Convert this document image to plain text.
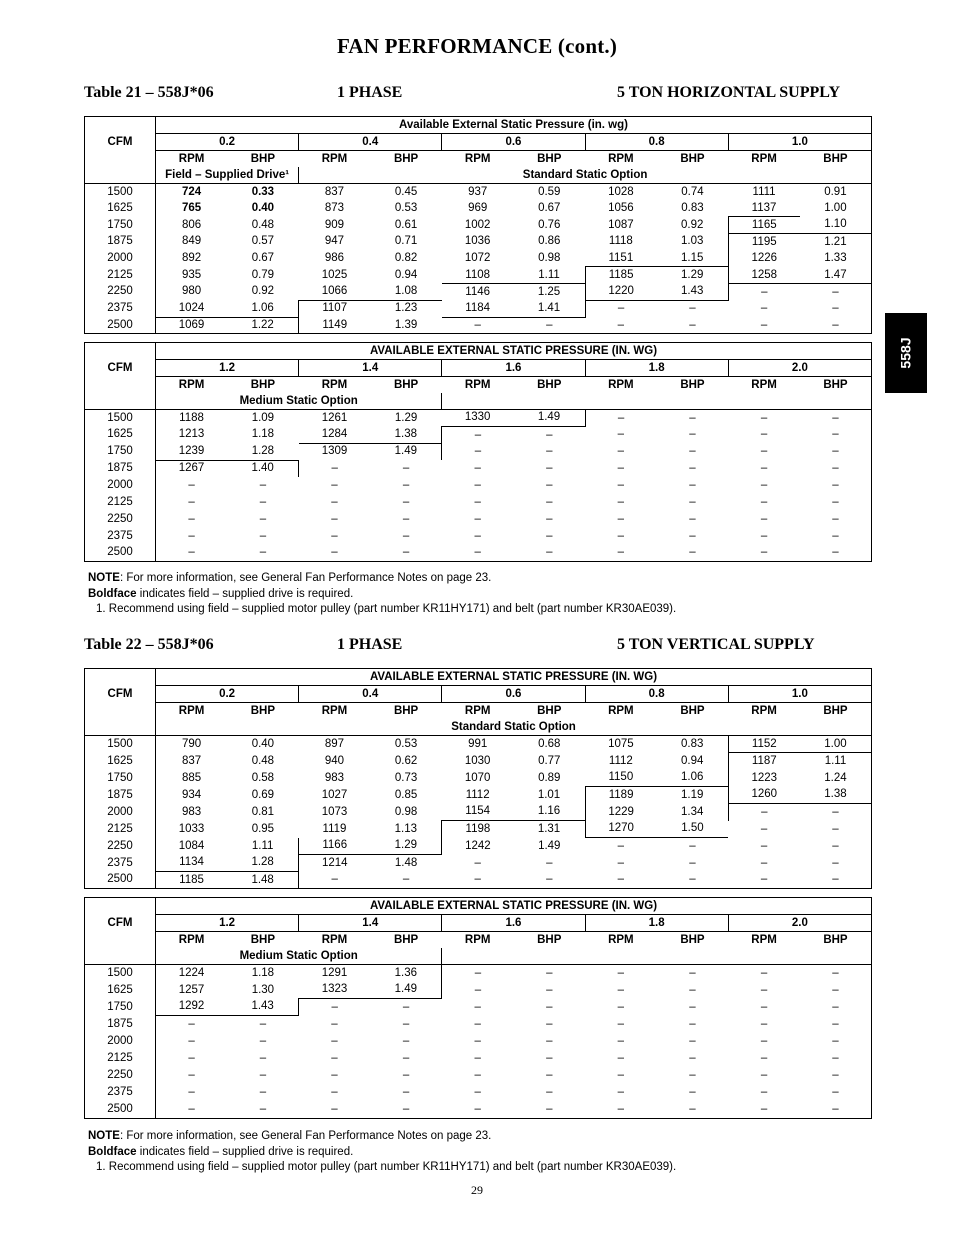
FAN PERFORMANCE (cont.)
558J
Table 21 – 558J*06	1 PHASE	5 TON HORIZONTAL SUPPLY
CFM	Available External Static Pressure (in. wg)									
	0.2		0.4		0.6		0.8		1.0	
	RPM	BHP	RPM	BHP	RPM	BHP	RPM	BHP	RPM	BHP
	Field – Supplied Drive¹		Standard Static Option							
1500	724	0.33	837	0.45	937	0.59	1028	0.74	1111	0.91
1625	765	0.40	873	0.53	969	0.67	1056	0.83	1137	1.00
1750	806	0.48	909	0.61	1002	0.76	1087	0.92	1165	1.10
1875	849	0.57	947	0.71	1036	0.86	1118	1.03	1195	1.21
2000	892	0.67	986	0.82	1072	0.98	1151	1.15	1226	1.33
2125	935	0.79	1025	0.94	1108	1.11	1185	1.29	1258	1.47
2250	980	0.92	1066	1.08	1146	1.25	1220	1.43	–	–
2375	1024	1.06	1107	1.23	1184	1.41	–	–	–	–
2500	1069	1.22	1149	1.39	–	–	–	–	–	–
CFM	AVAILABLE EXTERNAL STATIC PRESSURE (IN. WG)									
	1.2		1.4		1.6		1.8		2.0	
	RPM	BHP	RPM	BHP	RPM	BHP	RPM	BHP	RPM	BHP
	Medium Static Option									
1500	1188	1.09	1261	1.29	1330	1.49	–	–	–	–
1625	1213	1.18	1284	1.38	–	–	–	–	–	–
1750	1239	1.28	1309	1.49	–	–	–	–	–	–
1875	1267	1.40	–	–	–	–	–	–	–	–
2000	–	–	–	–	–	–	–	–	–	–
2125	–	–	–	–	–	–	–	–	–	–
2250	–	–	–	–	–	–	–	–	–	–
2375	–	–	–	–	–	–	–	–	–	–
2500	–	–	–	–	–	–	–	–	–	–
NOTE: For more information, see General Fan Performance Notes on page 23.
Boldface indicates field – supplied drive is required.
1. Recommend using field – supplied motor pulley (part number KR11HY171) and belt (part number KR30AE039).
Table 22 – 558J*06	1 PHASE	5 TON VERTICAL SUPPLY
CFM	AVAILABLE EXTERNAL STATIC PRESSURE (IN. WG)									
	0.2		0.4		0.6		0.8		1.0	
	RPM	BHP	RPM	BHP	RPM	BHP	RPM	BHP	RPM	BHP
	Standard Static Option									
1500	790	0.40	897	0.53	991	0.68	1075	0.83	1152	1.00
1625	837	0.48	940	0.62	1030	0.77	1112	0.94	1187	1.11
1750	885	0.58	983	0.73	1070	0.89	1150	1.06	1223	1.24
1875	934	0.69	1027	0.85	1112	1.01	1189	1.19	1260	1.38
2000	983	0.81	1073	0.98	1154	1.16	1229	1.34	–	–
2125	1033	0.95	1119	1.13	1198	1.31	1270	1.50	–	–
2250	1084	1.11	1166	1.29	1242	1.49	–	–	–	–
2375	1134	1.28	1214	1.48	–	–	–	–	–	–
2500	1185	1.48	–	–	–	–	–	–	–	–
NOTE: For more information, see General Fan Performance Notes on page 23.
Boldface indicates field – supplied drive is required.
1. Recommend using field – supplied motor pulley (part number KR11HY171) and belt (part number KR30AE039).
CFM	AVAILABLE EXTERNAL STATIC PRESSURE (IN. WG)									
	1.2		1.4		1.6		1.8		2.0	
	RPM	BHP	RPM	BHP	RPM	BHP	RPM	BHP	RPM	BHP
	Medium Static Option									
1500	1224	1.18	1291	1.36	–	–	–	–	–	–
1625	1257	1.30	1323	1.49	–	–	–	–	–	–
1750	1292	1.43	–	–	–	–	–	–	–	–
1875	–	–	–	–	–	–	–	–	–	–
2000	–	–	–	–	–	–	–	–	–	–
2125	–	–	–	–	–	–	–	–	–	–
2250	–	–	–	–	–	–	–	–	–	–
2375	–	–	–	–	–	–	–	–	–	–
2500	–	–	–	–	–	–	–	–	–	–
29
